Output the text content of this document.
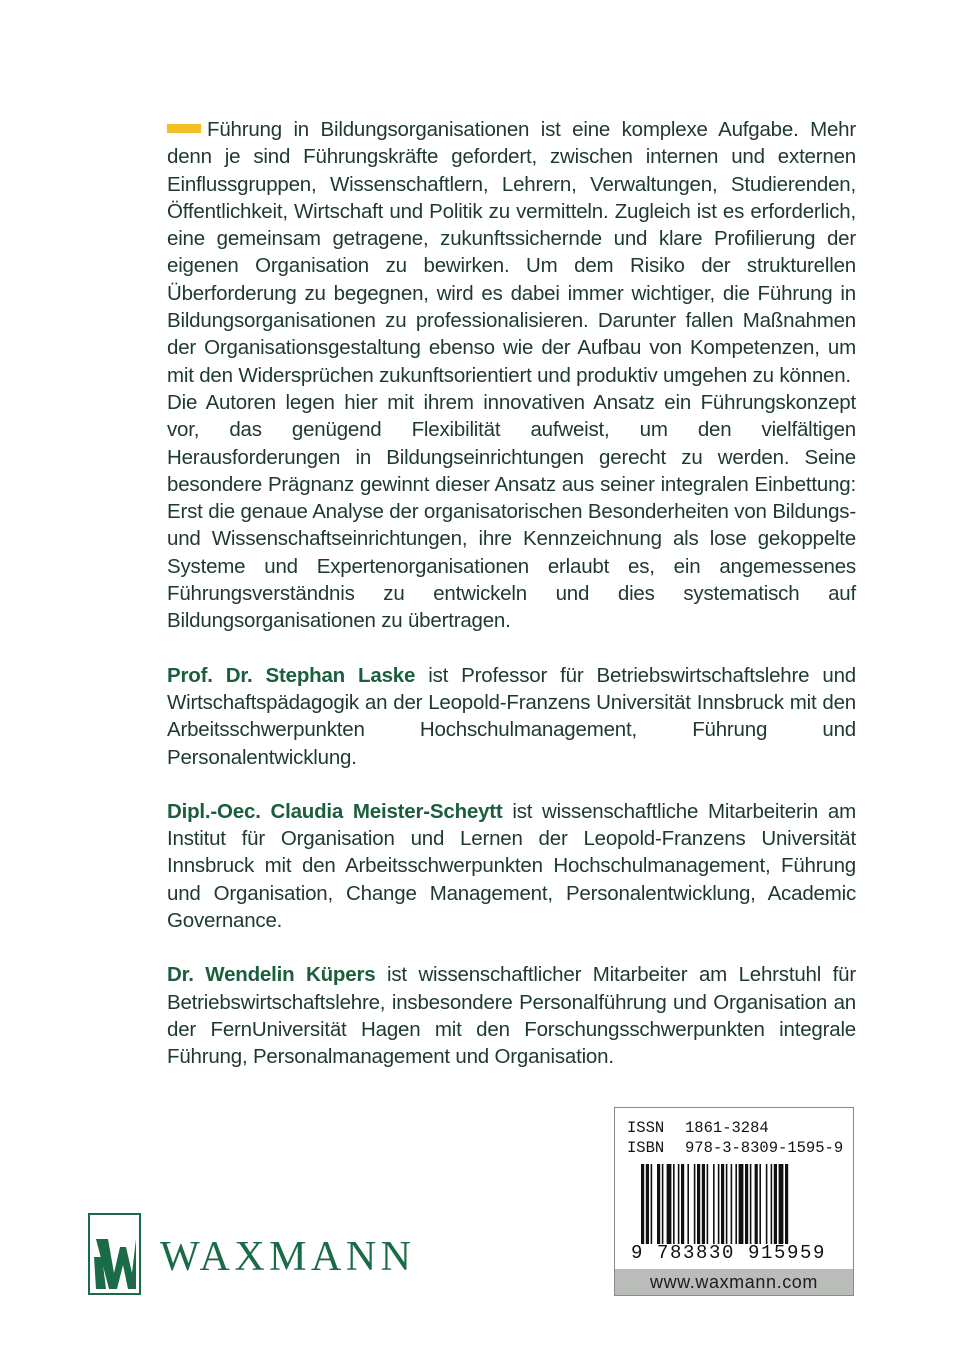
Führung in Bildungsorganisationen ist eine komplexe Aufgabe. Mehr denn je sind Führungskräfte gefordert, zwischen internen und externen Einflussgruppen, Wissenschaftlern, Lehrern, Verwaltungen, Studierenden, Öffentlichkeit, Wirtschaft und Politik zu vermitteln. Zugleich ist es erforderlich, eine gemeinsam getragene, zukunftssichernde und klare Profilierung der eigenen Organisation zu bewirken. Um dem Risiko der strukturellen Überforderung zu begegnen, wird es dabei immer wichtiger, die Führung in Bildungsorganisationen zu professionalisieren. Darunter fallen Maßnahmen der Organisationsgestaltung ebenso wie der Aufbau von Kompetenzen, um mit den Widersprüchen zukunftsorientiert und produktiv umgehen zu können.

Die Autoren legen hier mit ihrem innovativen Ansatz ein Führungskonzept vor, das genügend Flexibilität aufweist, um den vielfältigen Herausforderungen in Bildungseinrichtungen gerecht zu werden. Seine besondere Prägnanz gewinnt dieser Ansatz aus seiner integralen Einbettung: Erst die genaue Analyse der organisatorischen Besonderheiten von Bildungs- und Wissenschaftseinrichtungen, ihre Kennzeichnung als lose gekoppelte Systeme und Expertenorganisationen erlaubt es, ein angemessenes Führungsverständnis zu entwickeln und dies systematisch auf Bildungsorganisationen zu übertragen.

Prof. Dr. Stephan Laske ist Professor für Betriebswirtschaftslehre und Wirtschaftspädagogik an der Leopold-Franzens Universität Innsbruck mit den Arbeitsschwerpunkten Hochschulmanagement, Führung und Personalentwicklung.

Dipl.-Oec. Claudia Meister-Scheytt ist wissenschaftliche Mitarbeiterin am Institut für Organisation und Lernen der Leopold-Franzens Universität Innsbruck mit den Arbeitsschwerpunkten Hochschulmanagement, Führung und Organisation, Change Management, Personalentwicklung, Academic Governance.

Dr. Wendelin Küpers ist wissenschaftlicher Mitarbeiter am Lehrstuhl für Betriebswirtschaftslehre, insbesondere Personalführung und Organisation an der FernUniversität Hagen mit den Forschungsschwerpunkten integrale Führung, Personalmanagement und Organisation.

WAXMANN
ISSN 1861-3284
ISBN 978-3-8309-1595-9
9 783830 915959
www.waxmann.com
